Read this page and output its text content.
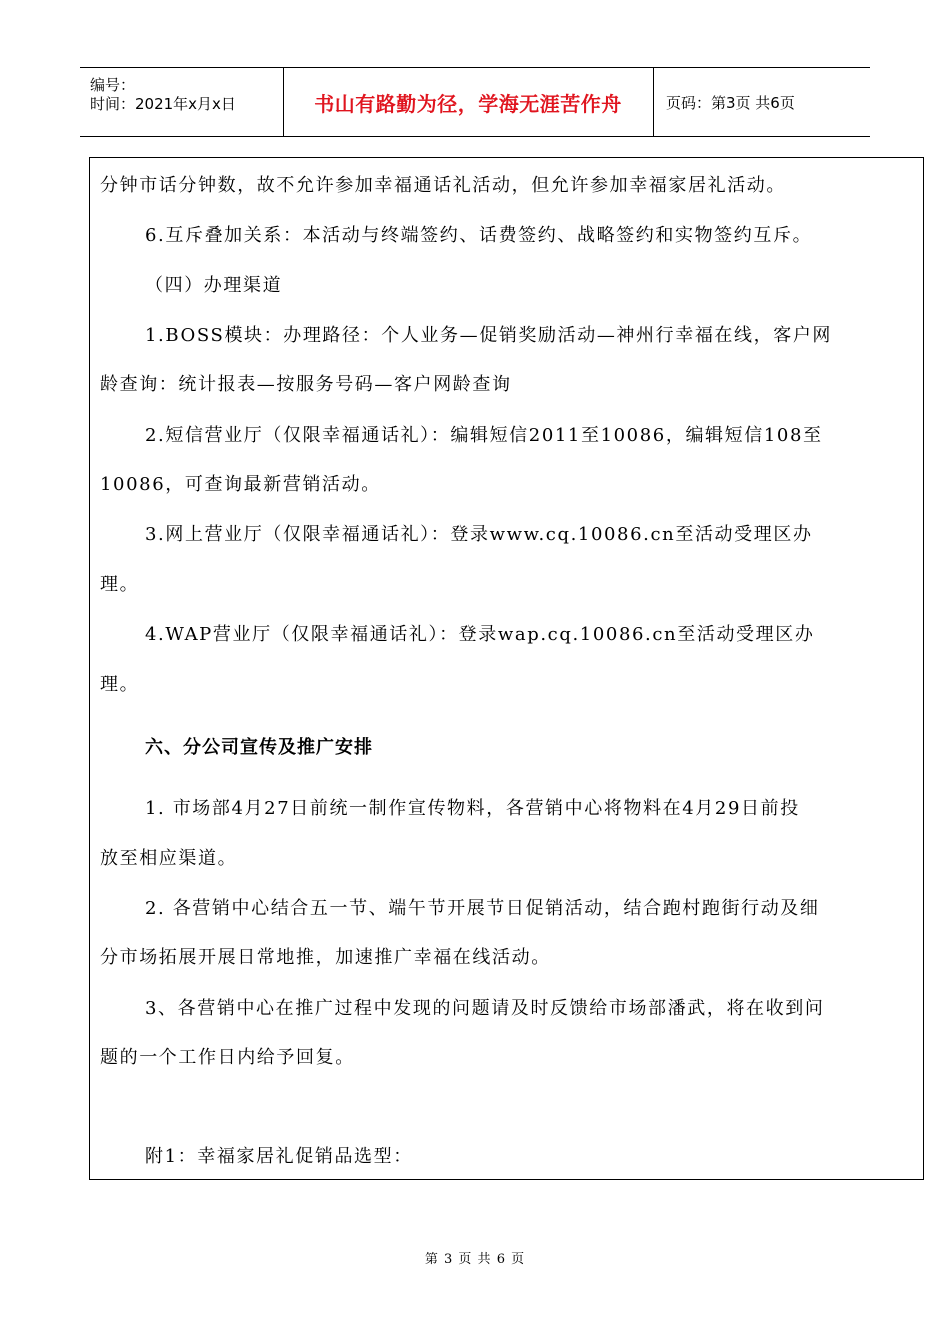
编号：
时间：2021年x月x日	书山有路勤为径，学海无涯苦作舟	页码：第3页 共6页
分钟市话分钟数，故不允许参加幸福通话礼活动，但允许参加幸福家居礼活动。
6.互斥叠加关系：本活动与终端签约、话费签约、战略签约和实物签约互斥。
（四）办理渠道
1.BOSS模块：办理路径：个人业务—促销奖励活动—神州行幸福在线，客户网
龄查询：统计报表—按服务号码—客户网龄查询
2.短信营业厅（仅限幸福通话礼）：编辑短信2011至10086，编辑短信108至
10086，可查询最新营销活动。
3.网上营业厅（仅限幸福通话礼）：登录www.cq.10086.cn至活动受理区办
理。
4.WAP营业厅（仅限幸福通话礼）：登录wap.cq.10086.cn至活动受理区办
理。
六、分公司宣传及推广安排
1. 市场部4月27日前统一制作宣传物料，各营销中心将物料在4月29日前投
放至相应渠道。
2. 各营销中心结合五一节、端午节开展节日促销活动，结合跑村跑街行动及细
分市场拓展开展日常地推，加速推广幸福在线活动。
3、各营销中心在推广过程中发现的问题请及时反馈给市场部潘武，将在收到问
题的一个工作日内给予回复。
附1：幸福家居礼促销品选型：
第 3 页 共 6 页
